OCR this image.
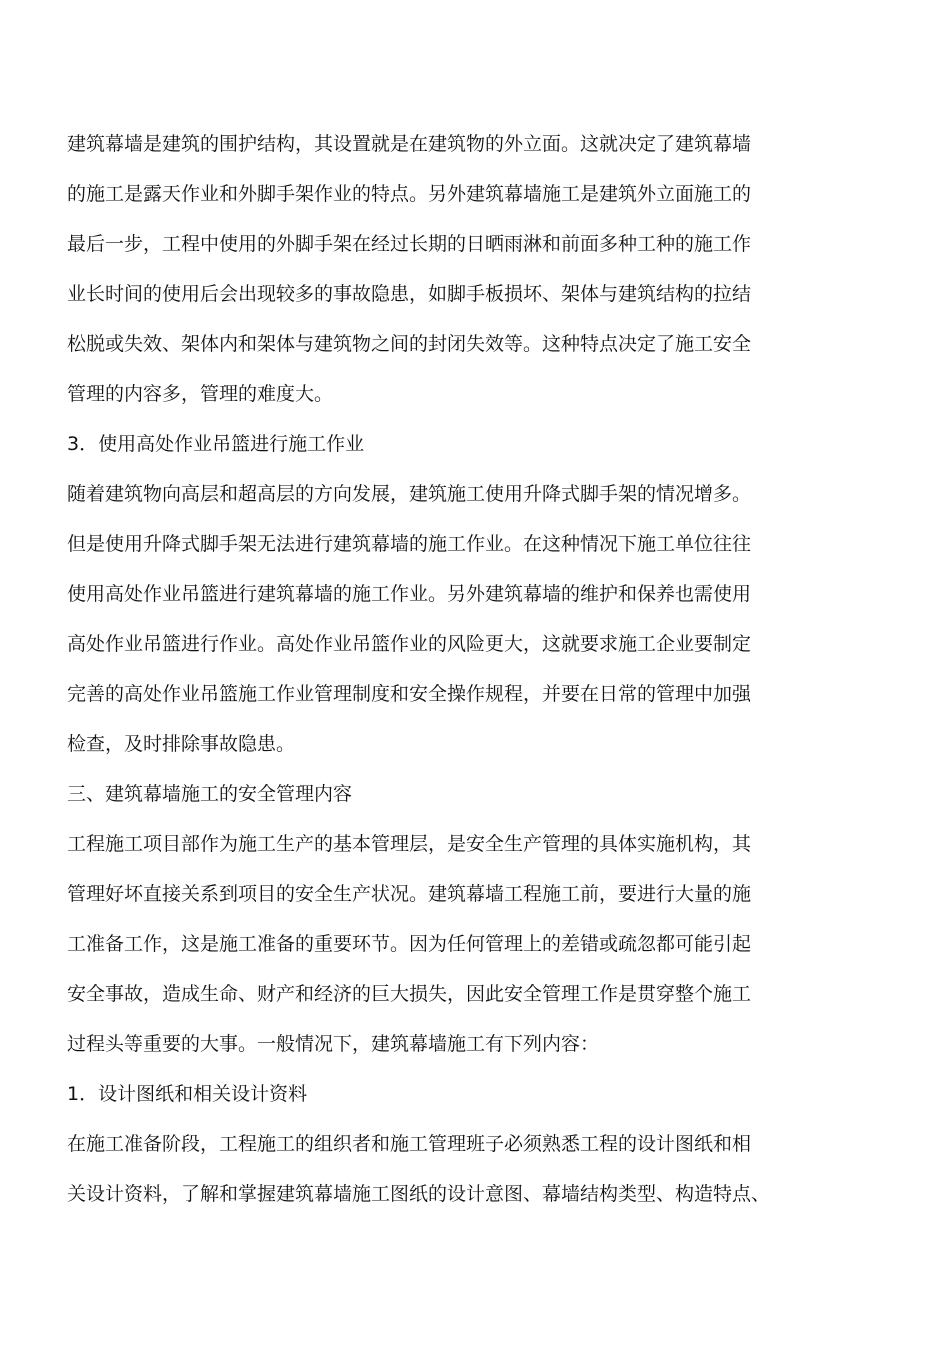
建筑幕墙是建筑的围护结构，其设置就是在建筑物的外立面。这就决定了建筑幕墙
的施工是露天作业和外脚手架作业的特点。另外建筑幕墙施工是建筑外立面施工的
最后一步，工程中使用的外脚手架在经过长期的日晒雨淋和前面多种工种的施工作
业长时间的使用后会出现较多的事故隐患，如脚手板损坏、架体与建筑结构的拉结
松脱或失效、架体内和架体与建筑物之间的封闭失效等。这种特点决定了施工安全
管理的内容多，管理的难度大。
3．使用高处作业吊篮进行施工作业
随着建筑物向高层和超高层的方向发展，建筑施工使用升降式脚手架的情况增多。
但是使用升降式脚手架无法进行建筑幕墙的施工作业。在这种情况下施工单位往往
使用高处作业吊篮进行建筑幕墙的施工作业。另外建筑幕墙的维护和保养也需使用
高处作业吊篮进行作业。高处作业吊篮作业的风险更大，这就要求施工企业要制定
完善的高处作业吊篮施工作业管理制度和安全操作规程，并要在日常的管理中加强
检查，及时排除事故隐患。
三、建筑幕墙施工的安全管理内容
工程施工项目部作为施工生产的基本管理层，是安全生产管理的具体实施机构，其
管理好坏直接关系到项目的安全生产状况。建筑幕墙工程施工前，要进行大量的施
工准备工作，这是施工准备的重要环节。因为任何管理上的差错或疏忽都可能引起
安全事故，造成生命、财产和经济的巨大损失，因此安全管理工作是贯穿整个施工
过程头等重要的大事。一般情况下，建筑幕墙施工有下列内容：
1．设计图纸和相关设计资料
在施工准备阶段，工程施工的组织者和施工管理班子必须熟悉工程的设计图纸和相
关设计资料，了解和掌握建筑幕墙施工图纸的设计意图、幕墙结构类型、构造特点、
